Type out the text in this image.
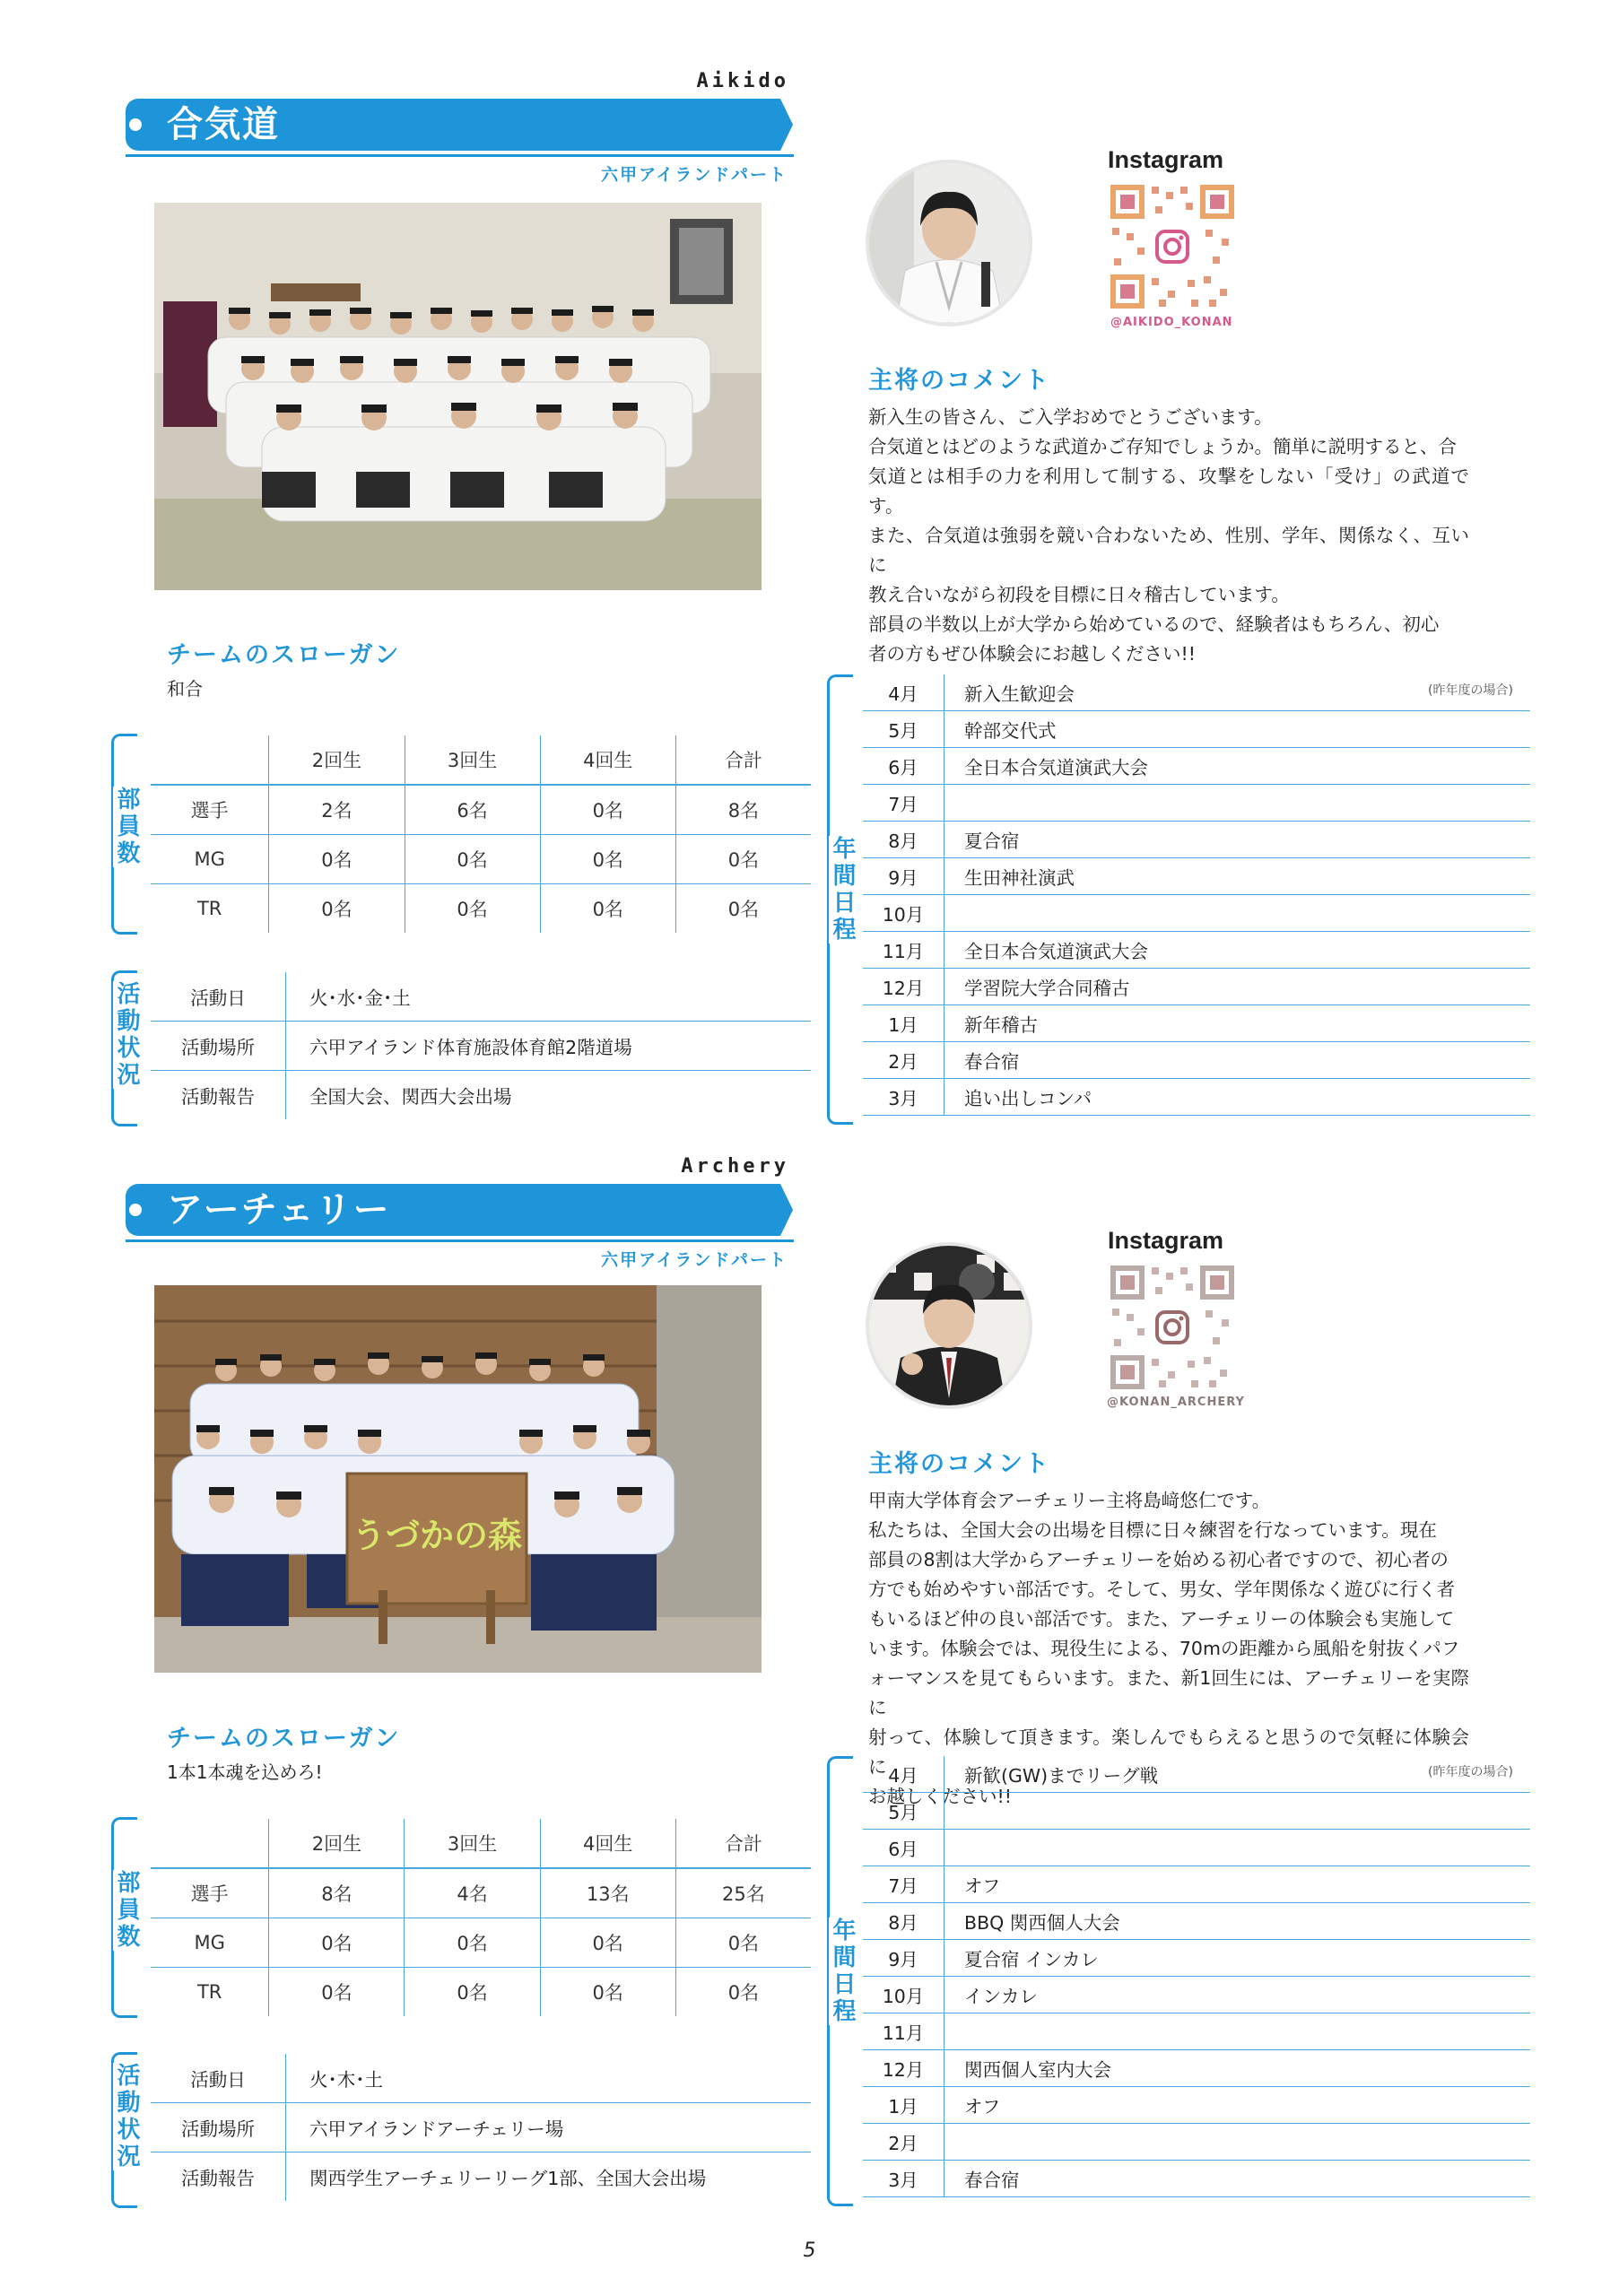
Aikido
合気道
六甲アイランドパート
Instagram
@AIKIDO_KONAN
主将のコメント
新入生の皆さん、ご入学おめでとうございます。
合気道とはどのような武道かご存知でしょうか。簡単に説明すると、合
気道とは相手の力を利用して制する、攻撃をしない「受け」の武道です。
また、合気道は強弱を競い合わないため、性別、学年、関係なく、互いに
教え合いながら初段を目標に日々稽古しています。
部員の半数以上が大学から始めているので、経験者はもちろん、初心
者の方もぜひ体験会にお越しください!!
チームのスローガン
和合
部員数
	2回生	3回生	4回生	合計
選手	2名	6名	0名	8名
MG	0名	0名	0名	0名
TR	0名	0名	0名	0名
活動状況	活動日	火･水･金･土
活動場所	六甲アイランド体育施設体育館2階道場
活動報告	全国大会、関西大会出場
年間日程
(昨年度の場合)
4月	新入生歓迎会
5月	幹部交代式
6月	全日本合気道演武大会
7月	
8月	夏合宿
9月	生田神社演武
10月	
11月	全日本合気道演武大会
12月	学習院大学合同稽古
1月	新年稽古
2月	春合宿
3月	追い出しコンパ
Archery
アーチェリー
六甲アイランドパート
うづかの森
Instagram
@KONAN_ARCHERY
主将のコメント
甲南大学体育会アーチェリー主将島﨑悠仁です。
私たちは、全国大会の出場を目標に日々練習を行なっています。現在
部員の8割は大学からアーチェリーを始める初心者ですので、初心者の
方でも始めやすい部活です。そして、男女、学年関係なく遊びに行く者
もいるほど仲の良い部活です。また、アーチェリーの体験会も実施して
います。体験会では、現役生による、70mの距離から風船を射抜くパフ
ォーマンスを見てもらいます。また、新1回生には、アーチェリーを実際に
射って、体験して頂きます。楽しんでもらえると思うので気軽に体験会に
お越しください!!
チームのスローガン
1本1本魂を込めろ!
部員数
	2回生	3回生	4回生	合計
選手	8名	4名	13名	25名
MG	0名	0名	0名	0名
TR	0名	0名	0名	0名
活動状況	活動日	火･木･土
活動場所	六甲アイランドアーチェリー場
活動報告	関西学生アーチェリーリーグ1部、全国大会出場
年間日程
(昨年度の場合)
4月	新歓(GW)までリーグ戦
5月	
6月	
7月	オフ
8月	BBQ 関西個人大会
9月	夏合宿 インカレ
10月	インカレ
11月	
12月	関西個人室内大会
1月	オフ
2月	
3月	春合宿
5
